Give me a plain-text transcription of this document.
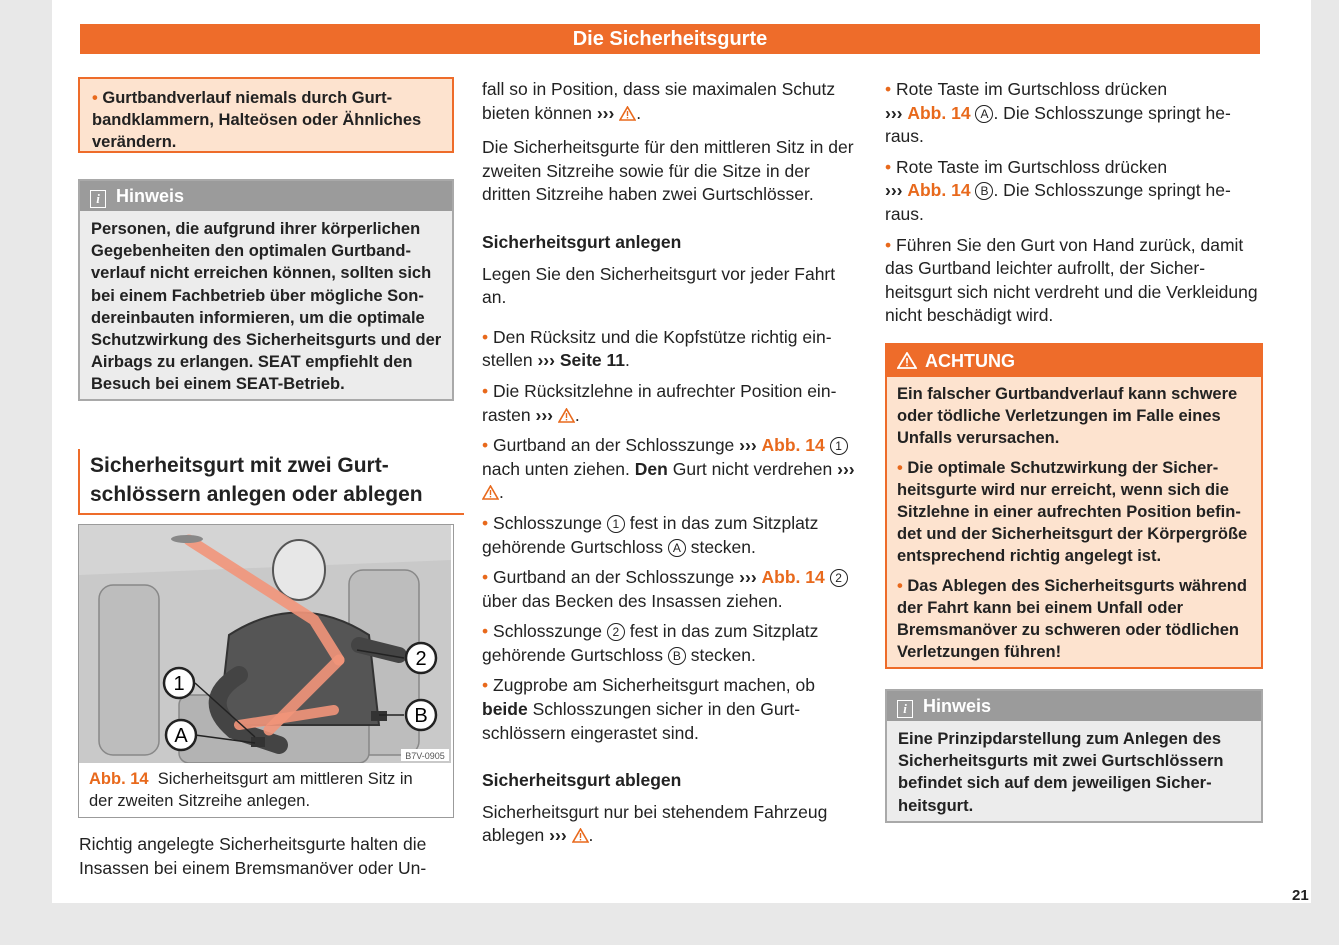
Die Sicherheitsgurte
• Gurtbandverlauf niemals durch Gurtbandklammern, Halteösen oder Ähnliches verändern.
i Hinweis
Personen, die aufgrund ihrer körperlichen Gegebenheiten den optimalen Gurtbandverlauf nicht erreichen können, sollten sich bei einem Fachbetrieb über mögliche Sondereinbauten informieren, um die optimale Schutzwirkung des Sicherheitsgurts und der Airbags zu erlangen. SEAT empfiehlt den Besuch bei einem SEAT-Betrieb.
Sicherheitsgurt mit zwei Gurtschlössern anlegen oder ablegen
1
A
2
B
B7V-0905
Abb. 14 Sicherheitsgurt am mittleren Sitz in der zweiten Sitzreihe anlegen.

Richtig angelegte Sicherheitsgurte halten die Insassen bei einem Bremsmanöver oder Un-

fall so in Position, dass sie maximalen Schutz bieten können ››› .

Die Sicherheitsgurte für den mittleren Sitz in der zweiten Sitzreihe sowie für die Sitze in der dritten Sitzreihe haben zwei Gurtschlösser.

Sicherheitsgurt anlegen

Legen Sie den Sicherheitsgurt vor jeder Fahrt an.

• Den Rücksitz und die Kopfstütze richtig einstellen ››› Seite 11.

• Die Rücksitzlehne in aufrechter Position einrasten ››› .

• Gurtband an der Schlosszunge ››› Abb. 14 1 nach unten ziehen. Den Gurt nicht verdrehen ››› .

• Schlosszunge 1 fest in das zum Sitzplatz gehörende Gurtschloss A stecken.

• Gurtband an der Schlosszunge ››› Abb. 14 2 über das Becken des Insassen ziehen.

• Schlosszunge 2 fest in das zum Sitzplatz gehörende Gurtschloss B stecken.

• Zugprobe am Sicherheitsgurt machen, ob beide Schlosszungen sicher in den Gurtschlössern eingerastet sind.

Sicherheitsgurt ablegen

Sicherheitsgurt nur bei stehendem Fahrzeug ablegen ››› .

• Rote Taste im Gurtschloss drücken
››› Abb. 14 A . Die Schlosszunge springt heraus.

• Rote Taste im Gurtschloss drücken
››› Abb. 14 B . Die Schlosszunge springt heraus.

• Führen Sie den Gurt von Hand zurück, damit das Gurtband leichter aufrollt, der Sicherheitsgurt sich nicht verdreht und die Verkleidung nicht beschädigt wird.

ACHTUNG

Ein falscher Gurtbandverlauf kann schwere oder tödliche Verletzungen im Falle eines Unfalls verursachen.

• Die optimale Schutzwirkung der Sicherheitsgurte wird nur erreicht, wenn sich die Sitzlehne in einer aufrechten Position befindet und der Sicherheitsgurt der Körpergröße entsprechend richtig angelegt ist.

• Das Ablegen des Sicherheitsgurts während der Fahrt kann bei einem Unfall oder Bremsmanöver zu schweren oder tödlichen Verletzungen führen!

i Hinweis
Eine Prinzipdarstellung zum Anlegen des Sicherheitsgurts mit zwei Gurtschlössern befindet sich auf dem jeweiligen Sicherheitsgurt.
21
